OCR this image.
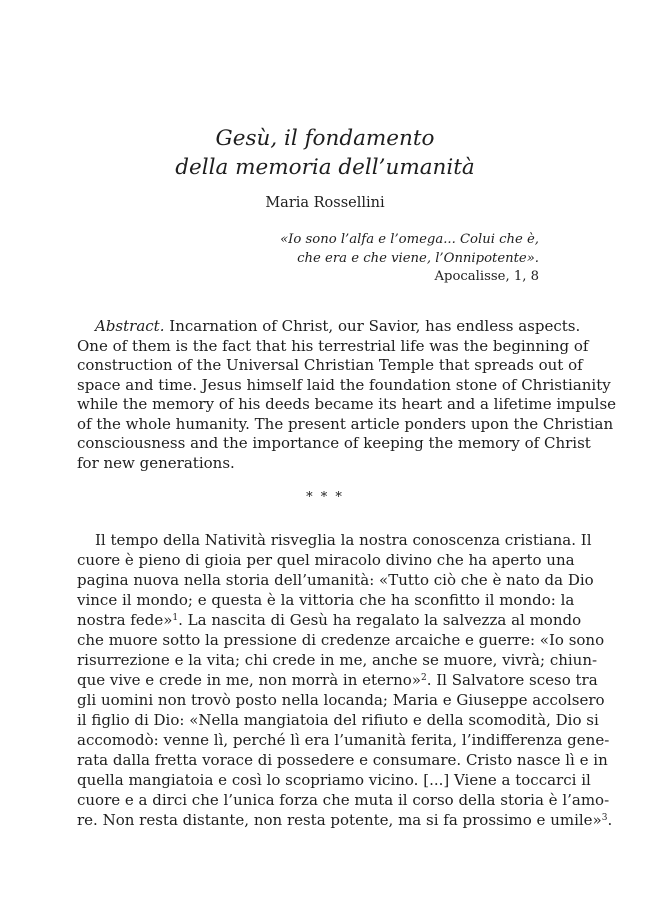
Gesù, il fondamento
della memoria dell’umanità
Maria Rossellini
«Io sono l’alfa e l’omega... Colui che è,
che era e che viene, l’Onnipotente».
Apocalisse, 1, 8
Abstract. Incarnation of Christ, our Savior, has endless aspects.
One of them is the fact that his terrestrial life was the beginning of
construction of the Universal Christian Temple that spreads out of
space and time. Jesus himself laid the foundation stone of Christianity
while the memory of his deeds became its heart and a lifetime impulse
of the whole humanity. The present article ponders upon the Christian
consciousness and the importance of keeping the memory of Christ
for new generations.
* * *
Il tempo della Natività risveglia la nostra conoscenza cristiana. Il
cuore è pieno di gioia per quel miracolo divino che ha aperto una
pagina nuova nella storia dell’umanità: «Tutto ciò che è nato da Dio
vince il mondo; e questa è la vittoria che ha sconfitto il mondo: la
nostra fede»$^1$. La nascita di Gesù ha regalato la salvezza al mondo
che muore sotto la pressione di credenze arcaiche e guerre: «Io sono
risurrezione e la vita; chi crede in me, anche se muore, vivrà; chiun-
que vive e crede in me, non morrà in eterno»$^2$. Il Salvatore sceso tra
gli uomini non trovò posto nella locanda; Maria e Giuseppe accolsero
il figlio di Dio: «Nella mangiatoia del rifiuto e della scomodità, Dio si
accomodò: venne lì, perché lì era l’umanità ferita, l’indifferenza gene-
rata dalla fretta vorace di possedere e consumare. Cristo nasce lì e in
quella mangiatoia e così lo scopriamo vicino. [...] Viene a toccarci il
cuore e a dirci che l’unica forza che muta il corso della storia è l’amo-
re. Non resta distante, non resta potente, ma si fa prossimo e umile»$^3$.
